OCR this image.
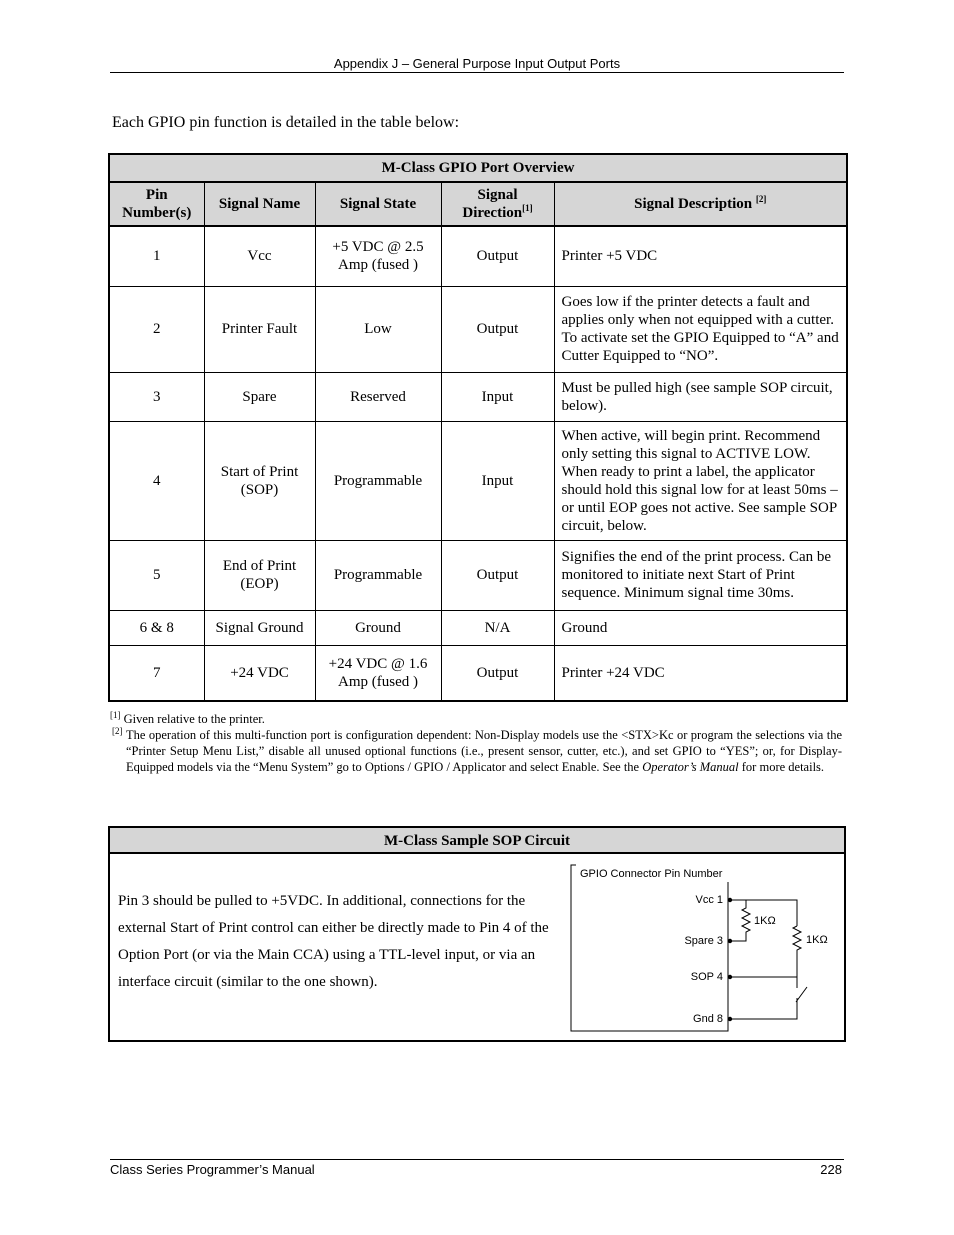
Appendix J – General Purpose Input Output Ports
Each GPIO pin function is detailed in the table below:
M-Class GPIO Port Overview				
Pin Number(s)	Signal Name	Signal State	Signal Direction[1]	Signal Description [2]
1	Vcc	+5 VDC @ 2.5 Amp (fused )	Output	Printer +5 VDC
2	Printer Fault	Low	Output	Goes low if the printer detects a fault and applies only when not equipped with a cutter. To activate set the GPIO Equipped to “A” and Cutter Equipped to “NO”.
3	Spare	Reserved	Input	Must be pulled high (see sample SOP circuit, below).
4	Start of Print (SOP)	Programmable	Input	When active, will begin print. Recommend only setting this signal to ACTIVE LOW. When ready to print a label, the applicator should hold this signal low for at least 50ms – or until EOP goes not active. See sample SOP circuit, below.
5	End of Print (EOP)	Programmable	Output	Signifies the end of the print process. Can be monitored to initiate next Start of Print sequence. Minimum signal time 30ms.
6 & 8	Signal Ground	Ground	N/A	Ground
7	+24 VDC	+24 VDC @ 1.6 Amp (fused )	Output	Printer +24 VDC
[1] Given relative to the printer.
[2] The operation of this multi-function port is configuration dependent: Non-Display models use the <STX>Kc or program the selections via the “Printer Setup Menu List,” disable all unused optional functions (i.e., present sensor, cutter, etc.), and set GPIO to “YES”; or, for Display-Equipped models via the “Menu System” go to Options / GPIO / Applicator and select Enable. See the Operator’s Manual for more details.
M-Class Sample SOP Circuit
Pin 3 should be pulled to +5VDC. In additional, connections for the external Start of Print control can either be directly made to Pin 4 of the Option Port (or via the Main CCA) using a TTL-level input, or via an interface circuit (similar to the one shown).
GPIO Connector Pin Number
Vcc 1
Spare 3
SOP 4
Gnd 8
1KΩ
1KΩ
Class Series Programmer’s Manual	228
